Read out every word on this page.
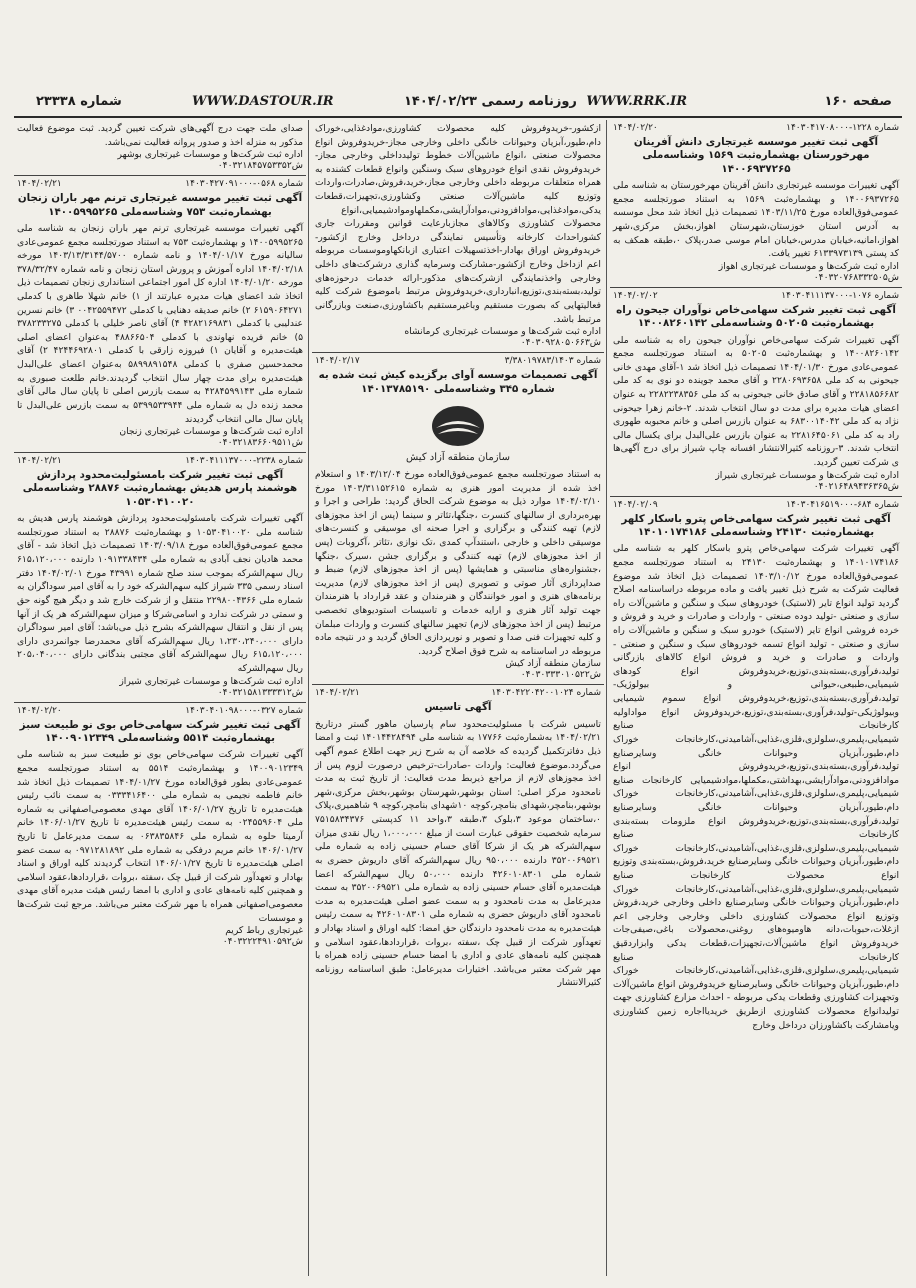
صفحه ۱۶۰
WWW.RRK.IR
روزنامه رسمی ۱۴۰۴/۰۲/۲۳
WWW.DASTOUR.IR
شماره ۲۳۳۳۸
شماره ۱۲۲۸-۱۴۰۳۰۴۱۷۰۸۰۰۰
۱۴۰۴/۰۲/۲۰
آگهی ثبت تغییر موسسه غیرتجاری دانش آفرینان مهرخورستان بهشماره‌ثبت ۱۵۶۹ وشناسه‌ملی ۱۴۰۰۶۹۳۷۲۶۵

آگهی تغییرات موسسه غیرتجاری دانش آفرینان مهرخورستان به شناسه ملی ۱۴۰۰۶۹۳۷۲۶۵ و بهشماره‌ثبت ۱۵۶۹ به استناد صورتجلسه مجمع عمومی‌فوق‌العاده مورخ ۱۴۰۳/۱۱/۲۵ تصمیمات ذیل اتخاذ شد محل موسسه به آدرس استان خوزستان،شهرستان اهواز،بخش مرکزی،شهر اهواز،امانیه،خیابان مدرس،خیابان امام موسی صدر،پلاک ۰،طبقه همکف به کد پستی ۶۱۳۳۹۷۳۱۳۹ تغییر یافت.

اداره ثبت شرکت‌ها و موسسات غیرتجاری اهواز
ش۰۴۰۳۲۰۷۶۸۳۳۲۵۰۵
شماره ۱۰۷۶-۱۴۰۳۰۴۱۱۱۳۷۰۰۰
۱۴۰۴/۰۲/۰۲
آگهی ثبت تغییر شرکت سهامی‌خاص نوآوران جیحون راه بهشماره‌ثبت ۵۰۲۰۵ وشناسه‌ملی ۱۴۰۰۸۲۶۰۱۴۲

آگهی تغییرات شرکت سهامی‌خاص نوآوران جیحون راه به شناسه ملی ۱۴۰۰۸۲۶۰۱۴۲ و بهشماره‌ثبت ۵۰۲۰۵ به استناد صورتجلسه مجمع عمومی‌عادی مورخ ۱۴۰۴/۰۱/۳۰ تصمیمات ذیل اتخاذ شد ۱-آقای مهدی خانی جیحونی به کد ملی ۲۲۸۰۶۹۳۶۵۸ و آقای محمد جوینده دو نوی به کد ملی ۲۲۸۱۸۵۶۶۸۲ و آقای صادق خانی جیحونی به کد ملی ۲۲۸۲۲۳۸۳۵۶ به عنوان اعضای هیات مدیره برای مدت دو سال انتخاب شدند. ۲-خانم زهرا جیحونی نژاد به کد ملی ۶۸۳۰۰۱۴۰۴۲ به عنوان بازرس اصلی و خانم محبوبه طهوری راد به کد ملی ۲۲۸۱۶۴۵۰۶۱ به عنوان بازرس علی‌البدل برای یکسال مالی انتخاب شدند. ۳-روزنامه کثیرالانتشار افسانه چاپ شیراز برای درج آگهی‌ها ی شرکت تعیین گردید.

اداره ثبت شرکت‌ها و موسسات غیرتجاری شیراز
ش۰۴۰۲۱۶۴۸۹۴۳۶۳۶۵
شماره ۶۸۴-۱۴۰۳۰۴۱۶۵۱۹۰۰۰
۱۴۰۴/۰۲/۰۹
آگهی ثبت تغییر شرکت سهامی‌خاص پترو باسکار کلهر بهشماره‌ثبت ۲۴۱۳۰ وشناسه‌ملی ۱۴۰۱۰۱۷۴۱۸۶

آگهی تغییرات شرکت سهامی‌خاص پترو باسکار کلهر به شناسه ملی ۱۴۰۱۰۱۷۴۱۸۶ و بهشماره‌ثبت ۲۴۱۳۰ به استناد صورتجلسه مجمع عمومی‌فوق‌العاده مورخ ۱۴۰۳/۱۰/۱۲ تصمیمات ذیل اتخاذ شد موضوع فعالیت شرکت به شرح ذیل تغییر یافت و ماده مربوطه دراساسنامه اصلاح گردید تولید انواع تایر (لاستیک) خودروهای سبک و سنگین و ماشین‌آلات راه سازی و صنعتی -تولید دوده صنعتی - واردات و صادرات و خرید و فروش و خرده فروشی انواع تایر (لاستیک) خودرو سبک و سنگین و ماشین‌آلات راه سازی و صنعتی - تولید انواع تسمه خودروهای سبک و سنگین و صنعتی - واردات و صادرات و خرید و فروش انواع کالاهای بازرگانی تولید،فرآوری،بسته‌بندی،توزیع،خریدوفروش انواع کودهای شیمیایی،طبیعی،حیوانی و بیولوژیک-تولید،فرآوری،بسته‌بندی،توزیع،خریدوفروش انواع سموم شیمیایی وبیولوژیکی-تولید،فرآوری،بسته‌بندی،توزیع،خریدوفروش انواع مواداولیه کارخانجات صنایع شیمیایی،پلیمری،سلولزی،فلزی،غذایی،آشامیدنی،کارخانجات خوراک دام،طیور،آبزیان وحیوانات خانگی وسایرصنایع تولید،فرآوری،بسته‌بندی،توزیع،خریدوفروش انواع موادافزودنی،موادآرایشی،بهداشتی،مکملها،موادشیمیایی کارخانجات صنایع شیمیایی،پلیمری،سلولزی،فلزی،غذایی،آشامیدنی،کارخانجات خوراک دام،طیور،آبزیان وحیوانات خانگی وسایرصنایع تولید،فرآوری،بسته‌بندی،توزیع،خریدوفروش انواع ملزومات بسته‌بندی کارخانجات صنایع شیمیایی،پلیمری،سلولزی،فلزی،غذایی،آشامیدنی،کارخانجات خوراک دام،طیور،آبزیان وحیوانات خانگی وسایرصنایع خرید،فروش،بسته‌بندی وتوزیع انواع محصولات کارخانجات صنایع شیمیایی،پلیمری،سلولزی،فلزی،غذایی،آشامیدنی،کارخانجات خوراک دام،طیور،آبزیان وحیوانات خانگی وسایرصنایع داخلی وخارجی خرید،فروش وتوزیع انواع محصولات کشاورزی داخلی وخارجی وخارجی اعم ازغلات،حبوبات،دانه هاوميوه‌های روغنی،محصولات باغی،صیفی‌جات خریدوفروش انواع ماشین‌آلات،تجهیزات،قطعات یدکی وابزاردقیق کارخانجات صنایع شیمیایی،پلیمری،سلولزی،فلزی،غذایی،آشامیدنی،کارخانجات خوراک دام،طیور،آبزیان وحیوانات خانگی وسایرصنایع خریدوفروش انواع ماشین‌آلات وتجهیزات کشاورزی وقطعات یدکی مربوطه - احداث مزارع کشاورزی جهت تولیدانواع محصولات کشاورزی ازطریق خریدیااجاره زمین کشاورزی ویامشارکت باکشاورزان درداخل وخارج

ازکشور-خریدوفروش کلیه محصولات کشاورزی،موادغذایی،خوراک دام،طیور،آبزیان وحیوانات خانگی داخلی وخارجی مجاز-خریدوفروش انواع محصولات صنعتی ،انواع ماشین‌آلات خطوط تولیدداخلی وخارجی مجاز-خریدوفروش نقدی انواع خودروهای سبک وسنگین وانواع قطعات کشنده به همراه متعلقات مربوطه داخلی وخارجی مجاز،خرید،فروش،صادرات،واردات وتوزیع کلیه ماشین‌آلات صنعتی وکشاورزی،تجهیزات،قطعات یدکی،موادغذایی،موادافزودنی،موادآرایشی،مکملهاوموادشیمیایی،انواع محصولات کشاورزی وکالاهای مجازبارعایت قوانین ومقررات جاری کشوراحداث کارخانه وتأسیس نمایندگی درداخل وخارج ازکشور-خریدوفروش اوراق بهادار-اخذتسهیلات اعتباری ازبانکهاوموسسات مربوطه اعم ازداخل وخارج ازکشور-مشارکت وسرمایه گذاری درشرکت‌های داخلی وخارجی واخذنمایندگی ازشرکت‌های مذکور-ارائه خدمات درحوزه‌های تولید،بسته‌بندی،توزیع،انبارداری،خریدوفروش مرتبط باموضوع شرکت کلیه فعالیتهایی که بصورت مستقیم وباغیرمستقیم باکشاورزی،صنعت وبازرگانی مرتبط باشد.

اداره ثبت شرکت‌ها و موسسات غیرتجاری کرمانشاه
ش۰۴۰۳۰۹۲۸۰۵۰۶۶۳
شماره ۳/۳۸۰۱۹۷۸۳/۱۴۰۳
۱۴۰۴/۰۲/۱۷
آگهی تصمیمات موسسه آوای برگزیده کیش ثبت شده به شماره ۳۴۵ وشناسه‌ملی ۱۴۰۱۳۷۸۵۱۹۰
سازمان منطقه آزاد کیش

به استناد صورتجلسه مجمع عمومی‌فوق‌العاده مورخ ۱۴۰۳/۱۲/۰۴ و استعلام اخذ شده از مدیریت امور هنری به شماره ۱۴۰۳/۳۱۱۵۲۶۱۵ مورخ ۱۴۰۴/۰۲/۱۰ موارد ذیل به موضوع شرکت الحاق گردید: طراحی و اجرا و بهره‌برداری از سالنهای کنسرت ،جنگها،تئاتر و سینما (پس از اخذ مجوزهای لازم) تهیه کنندگی و برگزاری و اجرا صحنه ای موسیقی و کنسرت‌های موسیقی داخلی و خارجی ،استندآپ کمدی ،تک نوازی ،تئاتر ،آکروبات (پس از اخذ مجوزهای لازم) تهیه کنندگی و برگزاری جشن ،سیرک ،جنگها ،جشنواره‌های مناسبتی و همایشها (پس از اخذ مجوزهای لازم) ضبط و صداپردازی آثار صوتی و تصویری (پس از اخذ مجوزهای لازم) مدیریت برنامه‌های هنری و امور خوانندگان و هنرمندان و عقد قرارداد با هنرمندان جهت تولید آثار هنری و ارایه خدمات و تاسیسات استودیوهای تخصصی مرتبط (پس از اخذ مجوزهای لازم) تجهیز سالنهای کنسرت و واردات مبلمان و کلیه تجهیزات فنی صدا و تصویر و نورپردازی الحاق گردید و در نتیجه ماده مربوطه در اساسنامه به شرح فوق اصلاح گردید.

سازمان منطقه آزاد کیش
ش۰۴۰۳۰۳۳۳۰۱۰۵۲۲
شماره ۱۴۰۳۰۴۲۲۰۴۲۰۰۱۰۲۴
۱۴۰۴/۰۲/۲۱
آگهی تاسیس

تاسیس شرکت با مسئولیت‌محدود سام پارسیان ماهور گستر درتاریخ ۱۴۰۴/۰۲/۲۱ به‌شماره‌ثبت ۱۷۷۶۶ به شناسه ملی ۱۴۰۱۴۴۲۸۴۹۴ ثبت و امضا ذیل دفاترتکمیل گردیده که خلاصه آن به شرح زیر جهت اطلاع عموم آگهی می‌گردد.موضوع فعالیت: واردات -صادرات-ترخیص درصورت لزوم پس از اخذ مجوزهای لازم از مراجع ذیربط مدت فعالیت: از تاریخ ثبت به مدت نامحدود مرکز اصلی: استان بوشهر،شهرستان بوشهر،بخش مرکزی،شهر بوشهر،بنامچر،شهدای بنامچر،کوچه ۱۰شهدای بنامچر،کوچه ۹ شاهمیری،پلاک ۰،ساختمان موعود ۳،بلوک ۳،طبقه ۳،واحد ۱۱ کدپستی ۷۵۱۵۸۳۴۳۷۶ سرمایه شخصیت حقوقی عبارت است از مبلغ ۱،۰۰۰،۰۰۰ ریال نقدی میزان سهم‌الشرکه هر یک از شرکا آقای حسام حسینی زاده به شماره ملی ۳۵۲۰۰۶۹۵۲۱ دارنده ۹۵۰،۰۰۰ ریال سهم‌الشرکه آقای داریوش حضری به شماره ملی ۴۲۶۰۱۰۸۳۰۱ دارنده ۵۰،۰۰۰ ریال سهم‌الشرکه اعضا هیئت‌مدیره آقای حسام حسینی زاده به شماره ملی ۳۵۲۰۰۶۹۵۲۱ به سمت مدیرعامل به مدت نامحدود و به سمت عضو اصلی هیئت‌مدیره به مدت نامحدود آقای داریوش حضری به شماره ملی ۴۲۶۰۱۰۸۳۰۱ به سمت رئیس هیئت‌مدیره به مدت نامحدود دارندگان حق امضا: کلیه اوراق و اسناد بهادار و تعهدآور شرکت از قبیل چک ،سفته ،بروات ،قراردادها،عقود اسلامی و همچنین کلیه نامه‌های عادی و اداری با امضا حسام حسینی زاده همراه با مهر شرکت معتبر می‌باشد. اختیارات مدیرعامل: طبق اساسنامه روزنامه کثیرالانتشار

صدای ملت جهت درج آگهی‌های شرکت تعیین گردید. ثبت موضوع فعالیت مذکور به منزله اخذ و صدور پروانه فعالیت نمی‌باشد.

اداره ثبت شرکت‌ها و موسسات غیرتجاری بوشهر
ش۰۴۰۳۲۱۸۴۵۷۵۳۳۵۲
شماره ۰۵۶۸-۱۴۰۳۰۴۲۷۰۹۱۰۰۰
۱۴۰۴/۰۲/۲۱
آگهی ثبت تغییر موسسه غیرتجاری ترنم مهر باران زنجان بهشماره‌ثبت ۷۵۳ وشناسه‌ملی ۱۴۰۰۵۹۹۵۲۶۵

آگهی تغییرات موسسه غیرتجاری ترنم مهر باران زنجان به شناسه ملی ۱۴۰۰۵۹۹۵۲۶۵ و بهشماره‌ثبت ۷۵۳ به استناد صورتجلسه مجمع عمومی‌عادی سالیانه مورخ ۱۴۰۴/۰۱/۱۷ و نامه شماره ۱۴۰۳/۱۳/۳۱۴۴/۵۷۰۰ مورخه ۱۴۰۴/۰۲/۱۸ اداره آموزش و پرورش استان زنجان و نامه شماره ۳۷۸/۳۲/۴۷ مورخه ۱۴۰۴/۰۱/۲۰ اداره کل امور اجتماعی استانداری زنجان تصمیمات ذیل اتخاذ شد اعضای هیات مدیره عبارتند از ۱) خانم شهلا طاهری با کدملی ۶۱۵۹۰۶۴۲۷۱ ۲) خانم صدیقه دهنایی با کدملی ۰۰۴۲۵۵۹۴۷۲ ۳) خانم نسرین عندلیبی با کدملی ۴۲۸۲۱۶۹۸۳۱ ۴) آقای ناصر خلیلی با کدملی ۳۷۸۲۳۳۲۷۵ ۵) خانم فریده نهاوندی با کدملی ۴۸۸۶۶۵۰۴ به‌عنوان اعضای اصلی هیئت‌مدیره و آقایان ۱) فیروزه زارقی با کدملی ۴۲۴۴۶۹۲۸۰۱ ۲) آقای محمدحسین صفری با کدملی ۵۸۹۹۸۹۱۵۴۸ به‌عنوان اعضای علی‌البدل هیئت‌مدیره برای مدت چهار سال انتخاب گردیدند.خانم طلعت صبوری به شماره ملی ۴۲۸۴۵۹۹۱۴۳ به سمت بازرس اصلی تا پایان سال مالی آقای محمد زنده دل به شماره ملی ۵۳۹۹۵۳۳۹۴۴ به سمت بازرس علی‌البدل تا پایان سال مالی انتخاب گردیدند

اداره ثبت شرکت‌ها و موسسات غیرتجاری زنجان
ش۰۴۰۳۲۱۸۳۶۶۰۹۵۱۱
شماره ۲۲۳۸-۱۴۰۳۰۴۱۱۱۳۷۰۰۰
۱۴۰۴/۰۲/۲۱
آگهی ثبت تغییر شرکت بامسئولیت‌محدود پردازش هوشمند پارس هدیش بهشماره‌ثبت ۲۸۸۷۶ وشناسه‌ملی ۱۰۵۳۰۴۱۰۰۲۰

آگهی تغییرات شرکت بامسئولیت‌محدود پردازش هوشمند پارس هدیش به شناسه ملی ۱۰۵۳۰۴۱۰۰۲۰ و بهشماره‌ثبت ۲۸۸۷۶ به استناد صورتجلسه مجمع عمومی‌فوق‌العاده مورخ ۱۴۰۳/۰۹/۱۸ تصمیمات ذیل اتخاذ شد - آقای محمد هادیان نجف آبادی به شماره ملی ۱۰۹۱۳۳۸۴۳۴ دارنده ۶۱۵،۱۲۰،۰۰۰ ریال سهم‌الشرکه بموجب سند صلح شماره ۴۳۹۹۱ مورخ ۱۴۰۴/۰۲/۰۱ دفتر اسناد رسمی ۳۳۵ شیراز کلیه سهم‌الشرکه خود را به آقای امیر سوداگران به شماره ملی ۲۲۹۸۰۰۴۳۶۶ منتقل و از شرکت خارج شد و دیگر هیچ گونه حق و سمتی در شرکت ندارد و اسامی‌شرکا و میزان سهم‌الشرکه هر یک از آنها پس از نقل و انتقال سهم‌الشرکه بشرح ذیل می‌باشد: آقای امیر سوداگران دارای ۱،۲۳۰،۲۴۰،۰۰۰ ریال سهم‌الشرکه آقای محمدرضا جوانمردی دارای ۶۱۵،۱۲۰،۰۰۰ ریال سهم‌الشرکه آقای مجتبی بندگانی دارای ۲۰۵،۰۴۰،۰۰۰ ریال سهم‌الشرکه

اداره ثبت شرکت‌ها و موسسات غیرتجاری شیراز
ش۰۴۰۳۲۱۵۸۱۳۳۳۳۱۲
شماره ۰۳۲۷-۱۴۰۳۰۴۰۱۰۹۸۰۰۰
۱۴۰۴/۰۲/۲۰
آگهی ثبت تغییر شرکت سهامی‌خاص بوی نو طبیعت سبز بهشماره‌ثبت ۵۵۱۴ وشناسه‌ملی ۱۴۰۰۹۰۱۲۳۴۹

آگهی تغییرات شرکت سهامی‌خاص بوی نو طبیعت سبز به شناسه ملی ۱۴۰۰۹۰۱۲۳۴۹ و بهشماره‌ثبت ۵۵۱۴ به استناد صورتجلسه مجمع عمومی‌عادی بطور فوق‌العاده مورخ ۱۴۰۴/۰۱/۲۷ تصمیمات ذیل اتخاذ شد خانم فاطمه نجیمی به شماره ملی ۰۳۳۳۴۱۶۴۰۰ به سمت نائب رئیس هیئت‌مدیره تا تاریخ ۱۴۰۶/۰۱/۲۷ آقای مهدی معصومی‌اصفهانی به شماره ملی ۰۲۴۵۵۹۶۰۴ به سمت رئیس هیئت‌مدیره تا تاریخ ۱۴۰۶/۰۱/۲۷ خانم آرمیتا حلوه به شماره ملی ۰۶۳۸۳۵۸۴۶ به سمت مدیرعامل تا تاریخ ۱۴۰۶/۰۱/۲۷ خانم مریم درفکی به شماره ملی ۰۹۷۱۲۸۱۸۹۲ به سمت عضو اصلی هیئت‌مدیره تا تاریخ ۱۴۰۶/۰۱/۲۷ انتخاب گردیدند کلیه اوراق و اسناد بهادار و تعهدآور شرکت از قبیل چک ،سفته ،بروات ،قراردادها،عقود اسلامی و همچنین کلیه نامه‌های عادی و اداری با امضا رئیس هیئت مدیره آقای مهدی معصومی‌اصفهانی همراه با مهر شرکت معتبر می‌باشد. مرجع ثبت شرکت‌ها و موسسات

غیرتجاری رباط کریم
ش۰۴۰۳۲۲۲۴۹۱۰۵۹۲
